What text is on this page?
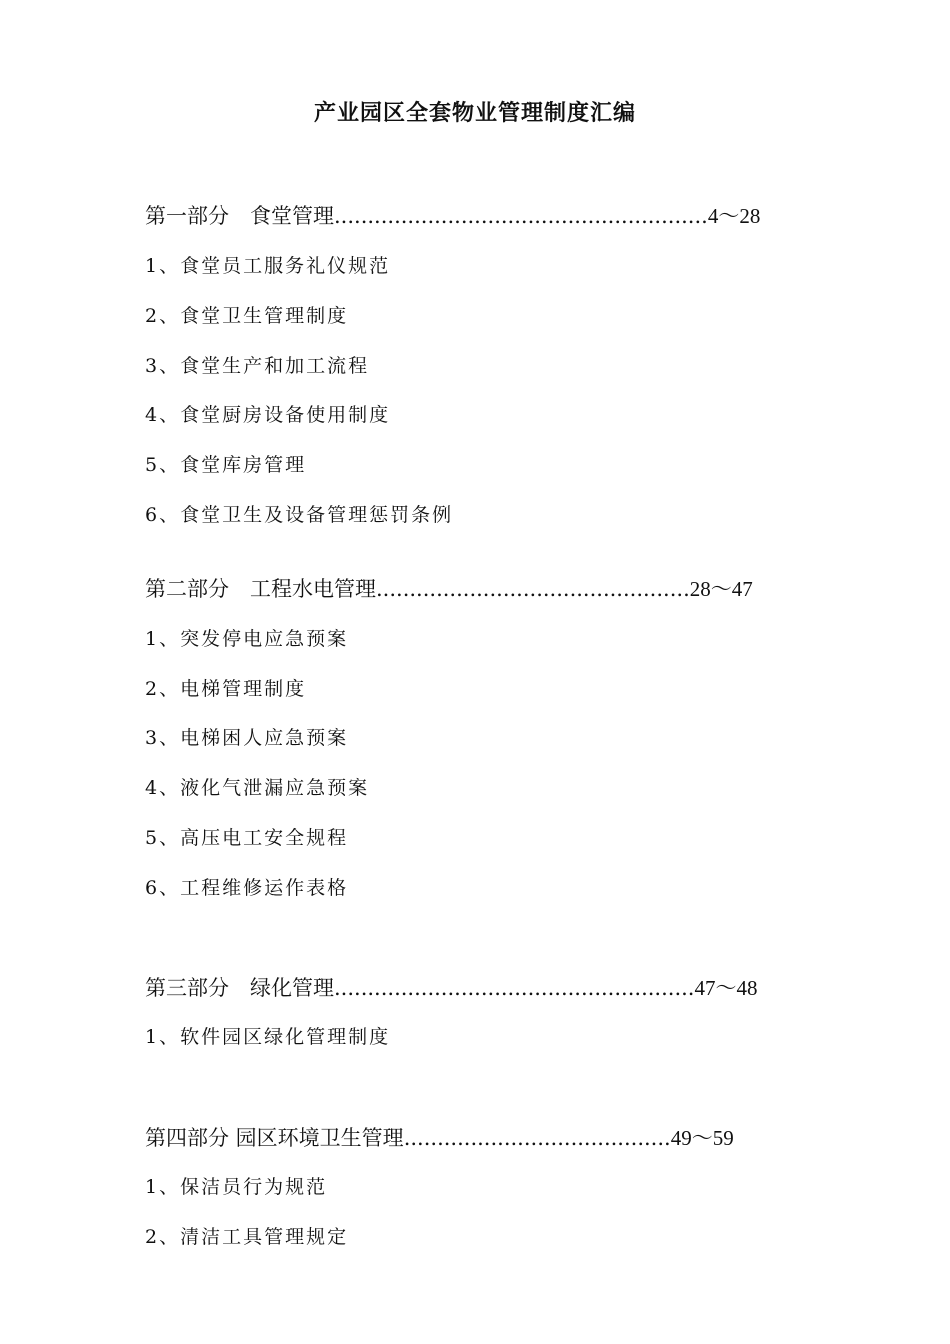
产业园区全套物业管理制度汇编
第一部分　食堂管理........................................................4～28
1、食堂员工服务礼仪规范
2、食堂卫生管理制度
3、食堂生产和加工流程
4、食堂厨房设备使用制度
5、食堂库房管理
6、食堂卫生及设备管理惩罚条例
第二部分　工程水电管理...............................................28～47
1、突发停电应急预案
2、电梯管理制度
3、电梯困人应急预案
4、液化气泄漏应急预案
5、高压电工安全规程
6、工程维修运作表格
第三部分　绿化管理......................................................47～48
1、软件园区绿化管理制度
第四部分 园区环境卫生管理........................................49～59
1、保洁员行为规范
2、清洁工具管理规定
